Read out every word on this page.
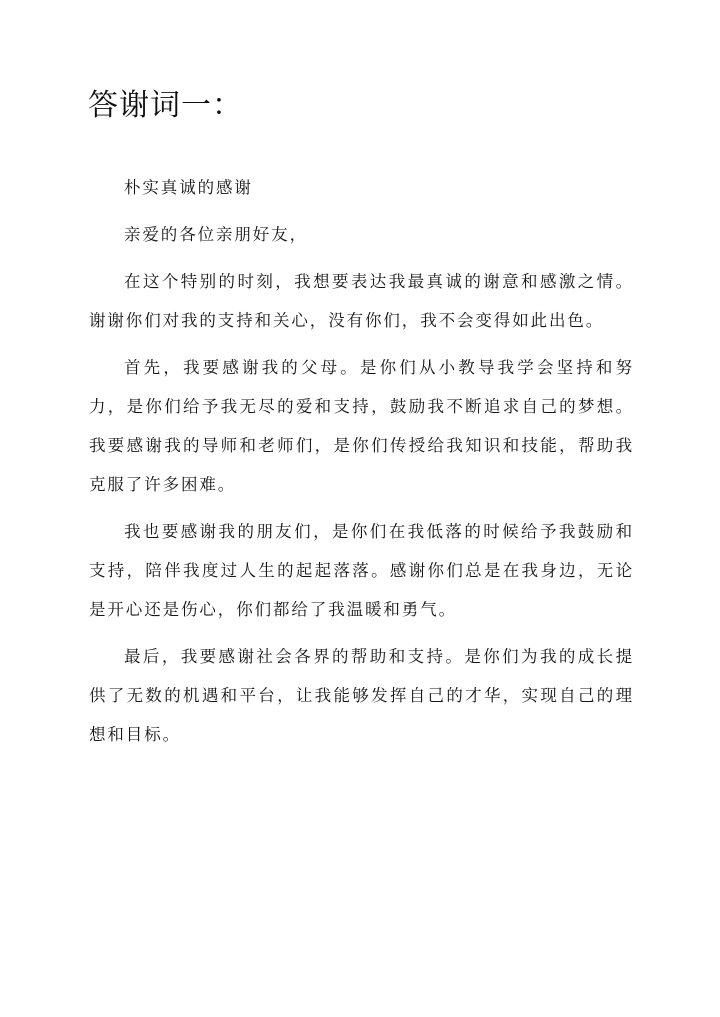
答谢词一：

朴实真诚的感谢

亲爱的各位亲朋好友，

在这个特别的时刻，我想要表达我最真诚的谢意和感激之情。谢谢你们对我的支持和关心，没有你们，我不会变得如此出色。

首先，我要感谢我的父母。是你们从小教导我学会坚持和努力，是你们给予我无尽的爱和支持，鼓励我不断追求自己的梦想。我要感谢我的导师和老师们，是你们传授给我知识和技能，帮助我克服了许多困难。

我也要感谢我的朋友们，是你们在我低落的时候给予我鼓励和支持，陪伴我度过人生的起起落落。感谢你们总是在我身边，无论是开心还是伤心，你们都给了我温暖和勇气。

最后，我要感谢社会各界的帮助和支持。是你们为我的成长提供了无数的机遇和平台，让我能够发挥自己的才华，实现自己的理想和目标。
